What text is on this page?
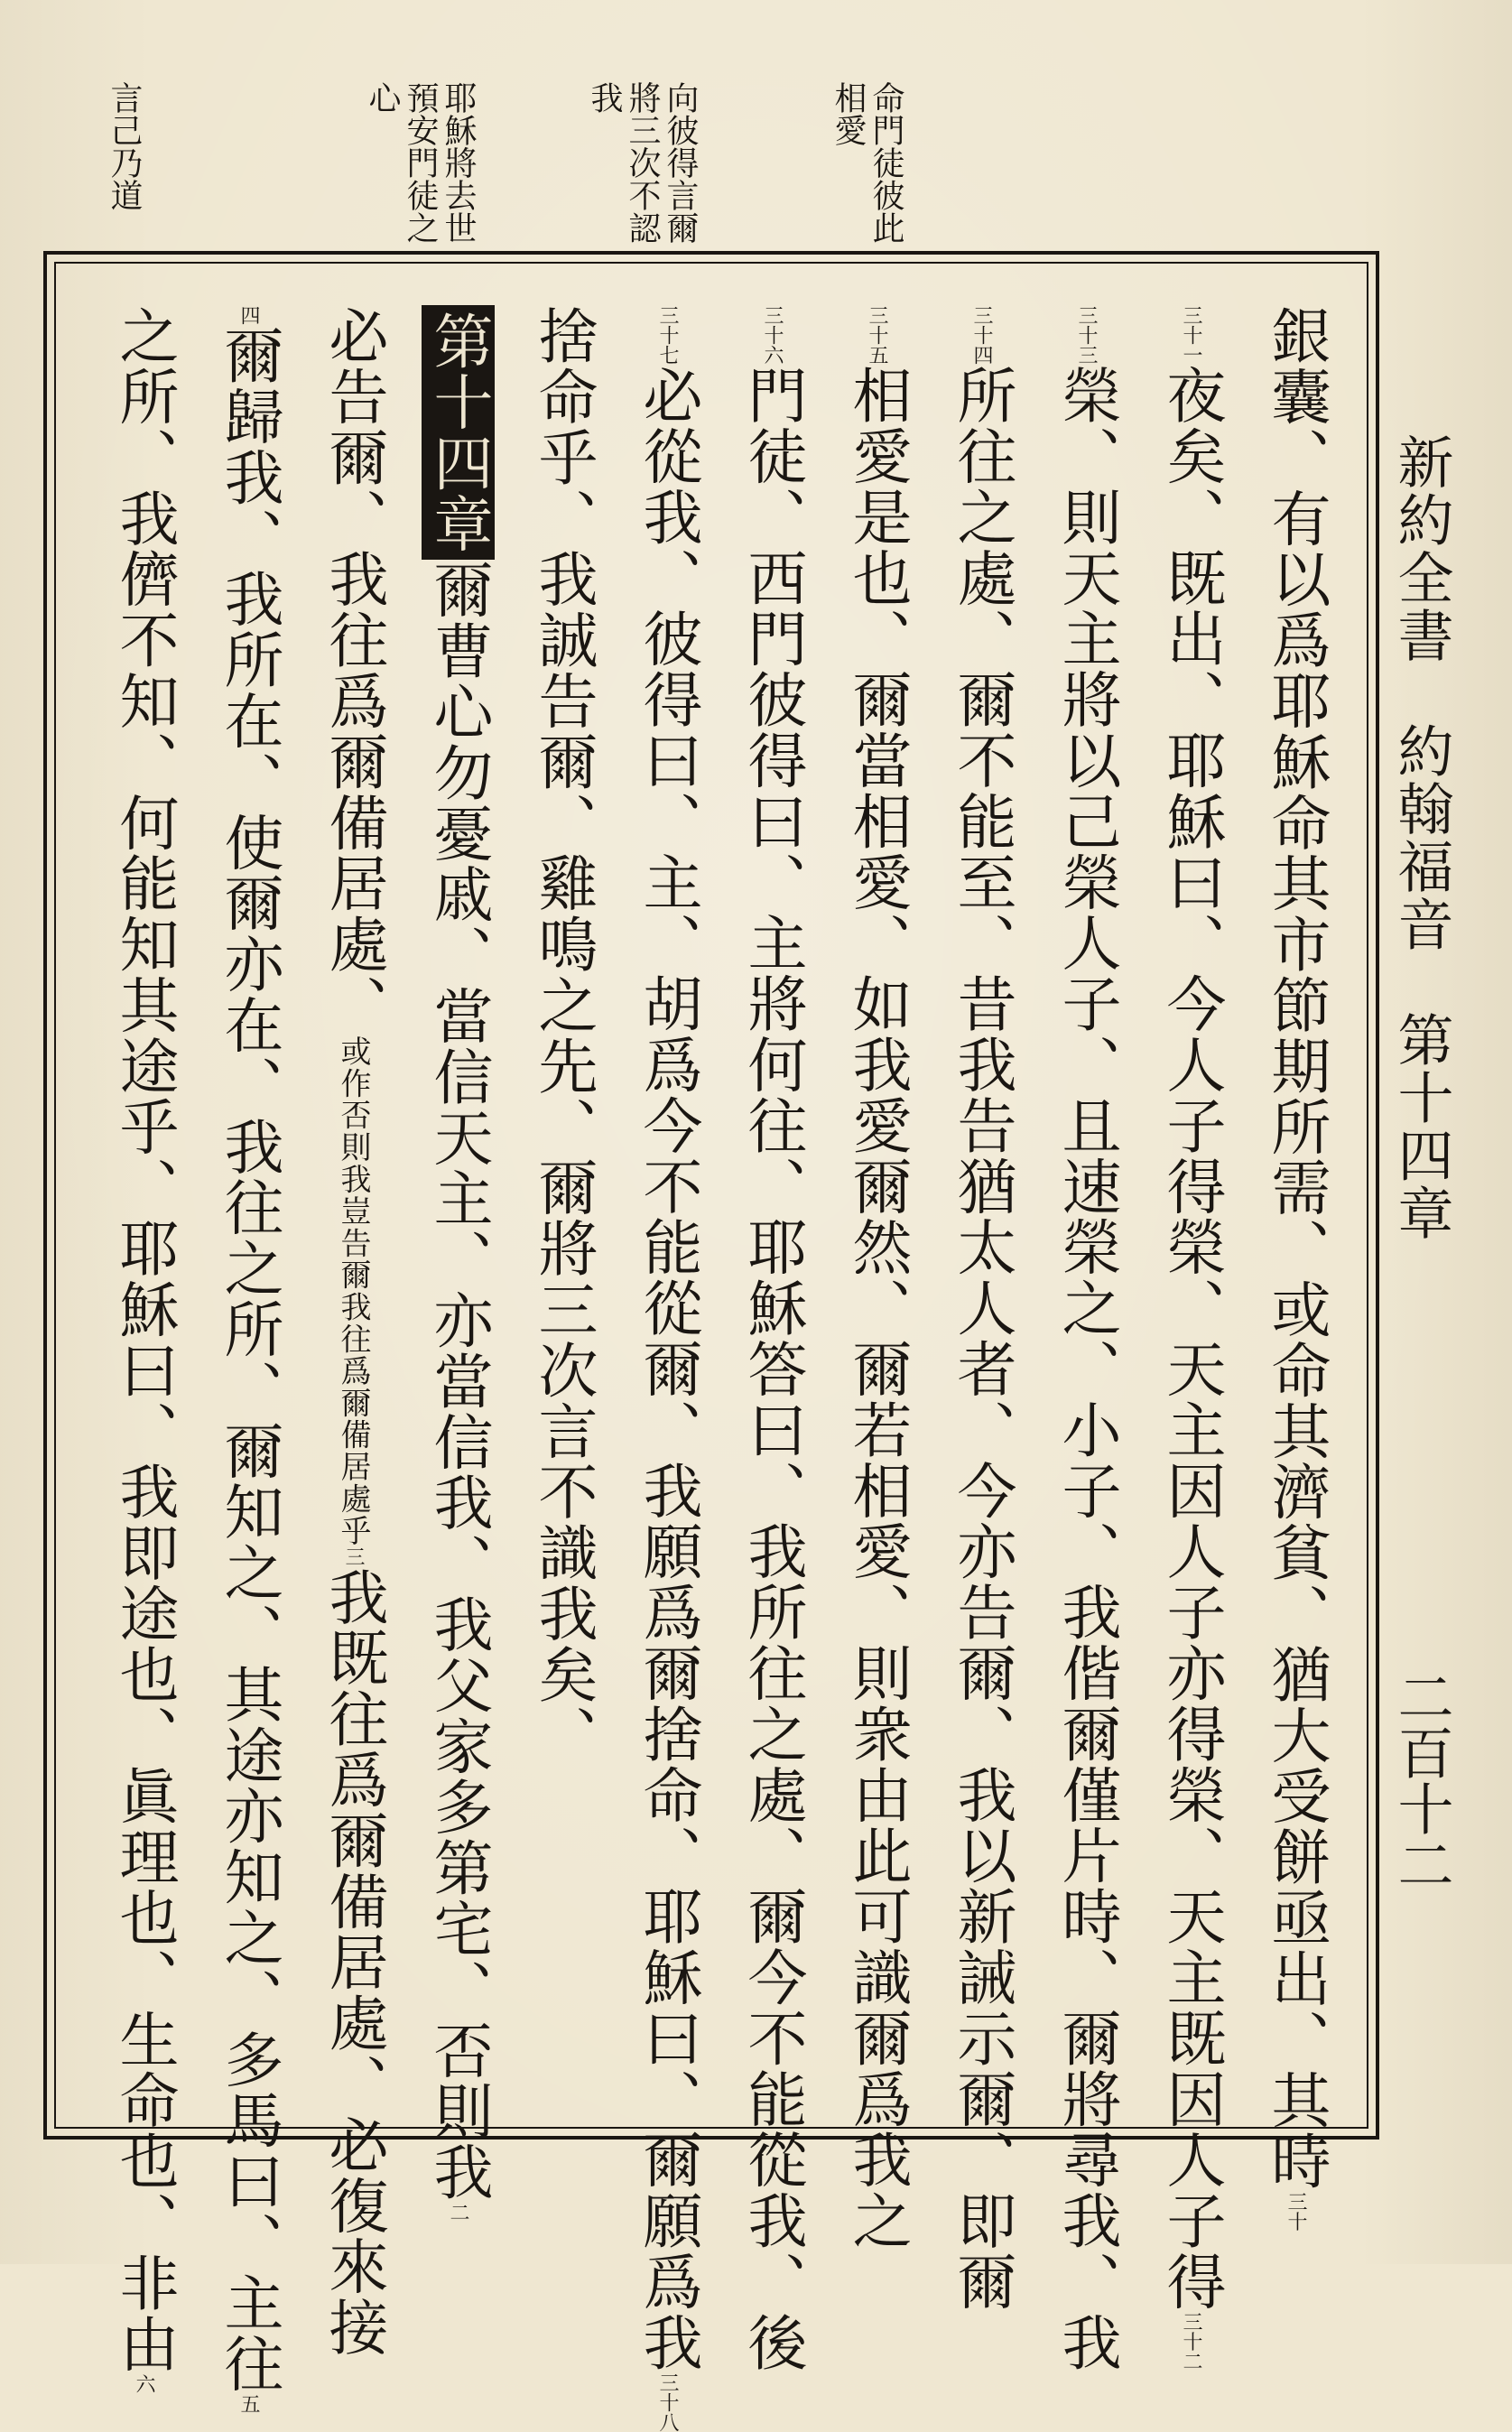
新約全書　約翰福音　第十四章
二百十二
命門徒彼此相愛
向彼得言爾將三次不認我
耶穌將去世預安門徒之心
言己乃道
銀囊、有以爲耶穌命其市節期所需、或命其濟貧、猶大受餅亟出、其時三十
三十一夜矣、既出、耶穌曰、今人子得榮、天主因人子亦得榮、天主既因人子得三十二
三十三榮、則天主將以己榮人子、且速榮之、小子、我偕爾僅片時、爾將尋我、我
三十四所往之處、爾不能至、昔我告猶太人者、今亦告爾、我以新誡示爾、即爾
三十五相愛是也、爾當相愛、如我愛爾然、爾若相愛、則衆由此可識爾爲我之
三十六門徒、西門彼得曰、主將何往、耶穌答曰、我所往之處、爾今不能從我、後
三十七必從我、彼得曰、主、胡爲今不能從爾、我願爲爾捨命、耶穌曰、爾願爲我三十八
捨命乎、我誠告爾、雞鳴之先、爾將三次言不識我矣、
第十四章爾曹心勿憂戚、當信天主、亦當信我、我父家多第宅、否則我二
必告爾、我往爲爾備居處、或作否則我豈告爾我往爲爾備居處乎三我既往爲爾備居處、必復來接
四爾歸我、我所在、使爾亦在、我往之所、爾知之、其途亦知之、多馬曰、主往五
之所、我儕不知、何能知其途乎、耶穌曰、我即途也、眞理也、生命也、非由六
